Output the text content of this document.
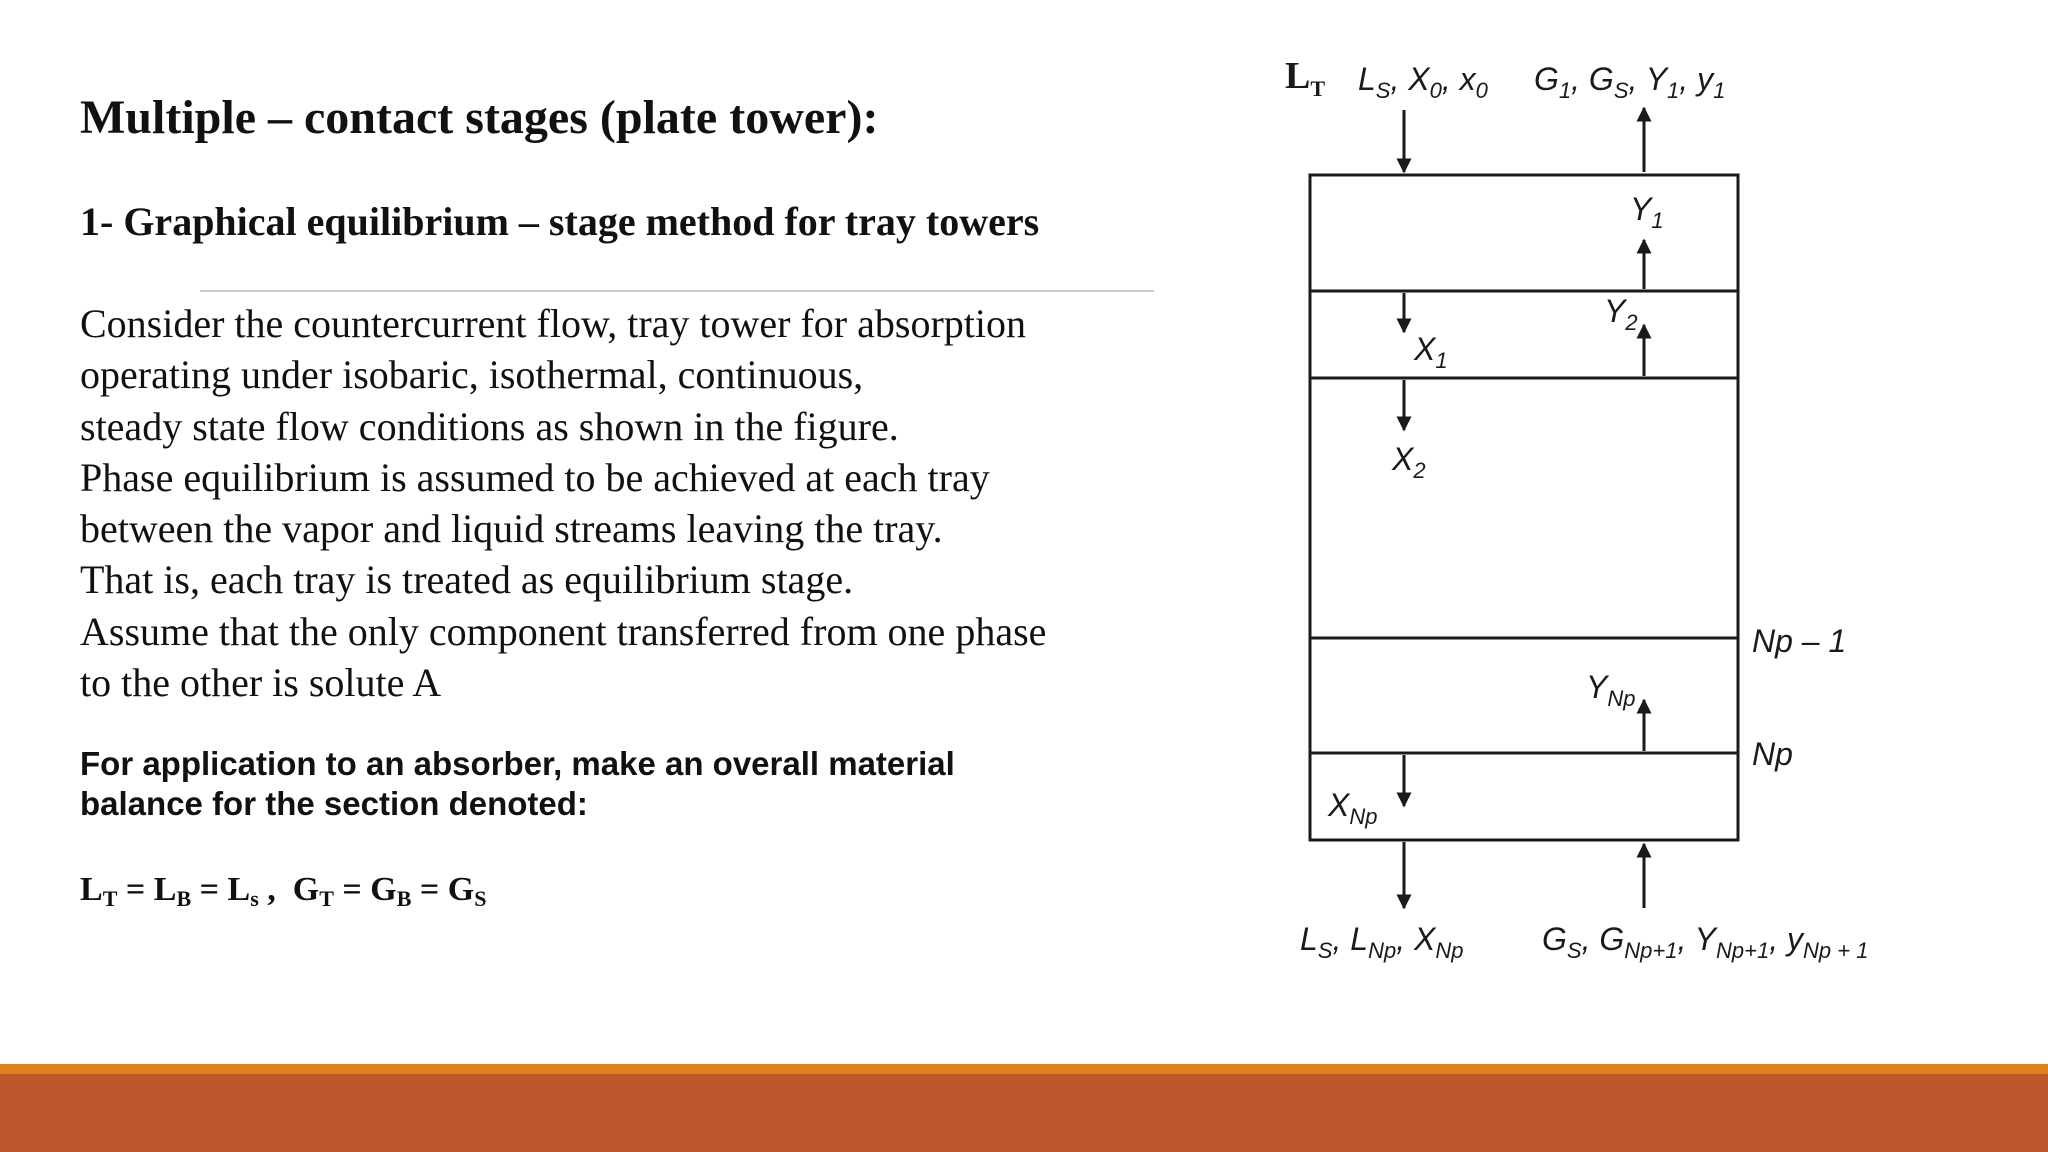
Multiple – contact stages (plate tower):
1- Graphical equilibrium – stage method for tray towers
Consider the countercurrent flow, tray tower for absorption
operating under isobaric, isothermal, continuous,
steady state flow conditions as shown in the figure.
Phase equilibrium is assumed to be achieved at each tray
between the vapor and liquid streams leaving the tray.
That is, each tray is treated as equilibrium stage.
Assume that the only component transferred from one phase
to the other is solute A
For application to an absorber, make an overall material
balance for the section denoted:
$L_T = L_B = L_s$ ,  $G_T = G_B = G_S$
$L_T$ $L_S$, $X_0$, $x_0$ $G_1$, $G_S$, $Y_1$, $y_1$
$Y_1$
$Y_2$
$X_1$
$X_2$
Np – 1
$Y_{Np}$
Np
$X_{Np}$
$L_S$, $L_{Np}$, $X_{Np}$ $G_S$, $G_{Np+1}$, $Y_{Np+1}$, $y_{Np + 1}$
